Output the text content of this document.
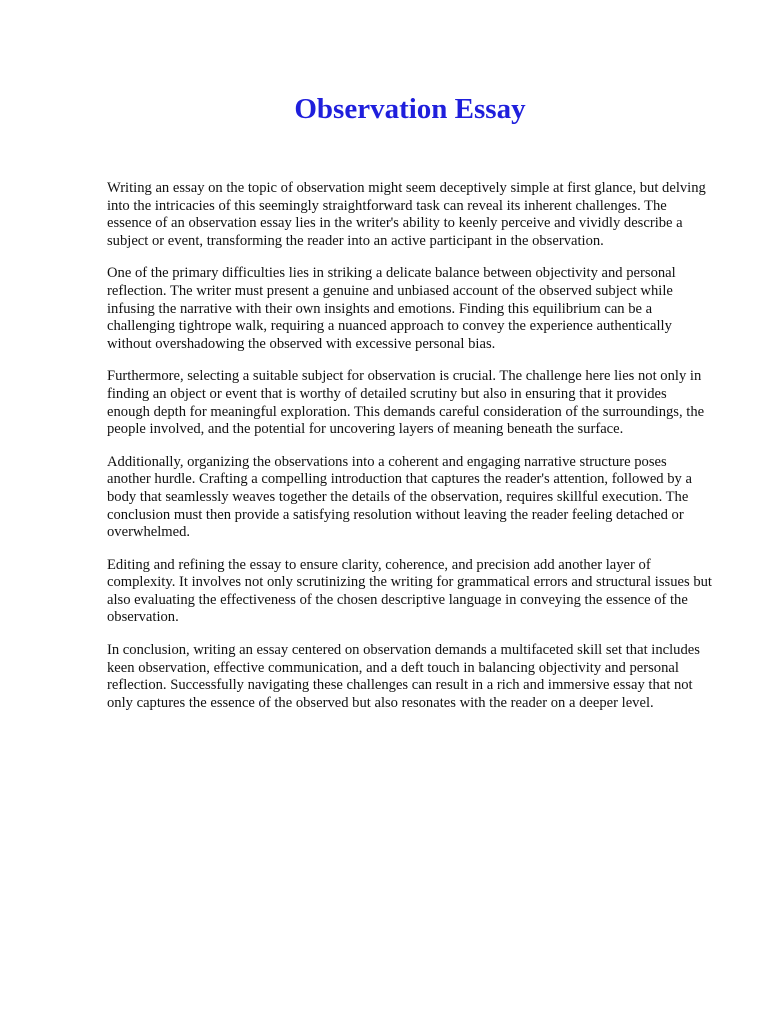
Observation Essay

Writing an essay on the topic of observation might seem deceptively simple at first glance, but delving into the intricacies of this seemingly straightforward task can reveal its inherent challenges. The essence of an observation essay lies in the writer's ability to keenly perceive and vividly describe a subject or event, transforming the reader into an active participant in the observation.

One of the primary difficulties lies in striking a delicate balance between objectivity and personal reflection. The writer must present a genuine and unbiased account of the observed subject while infusing the narrative with their own insights and emotions. Finding this equilibrium can be a challenging tightrope walk, requiring a nuanced approach to convey the experience authentically without overshadowing the observed with excessive personal bias.

Furthermore, selecting a suitable subject for observation is crucial. The challenge here lies not only in finding an object or event that is worthy of detailed scrutiny but also in ensuring that it provides enough depth for meaningful exploration. This demands careful consideration of the surroundings, the people involved, and the potential for uncovering layers of meaning beneath the surface.

Additionally, organizing the observations into a coherent and engaging narrative structure poses another hurdle. Crafting a compelling introduction that captures the reader's attention, followed by a body that seamlessly weaves together the details of the observation, requires skillful execution. The conclusion must then provide a satisfying resolution without leaving the reader feeling detached or overwhelmed.

Editing and refining the essay to ensure clarity, coherence, and precision add another layer of complexity. It involves not only scrutinizing the writing for grammatical errors and structural issues but also evaluating the effectiveness of the chosen descriptive language in conveying the essence of the observation.

In conclusion, writing an essay centered on observation demands a multifaceted skill set that includes keen observation, effective communication, and a deft touch in balancing objectivity and personal reflection. Successfully navigating these challenges can result in a rich and immersive essay that not only captures the essence of the observed but also resonates with the reader on a deeper level.
